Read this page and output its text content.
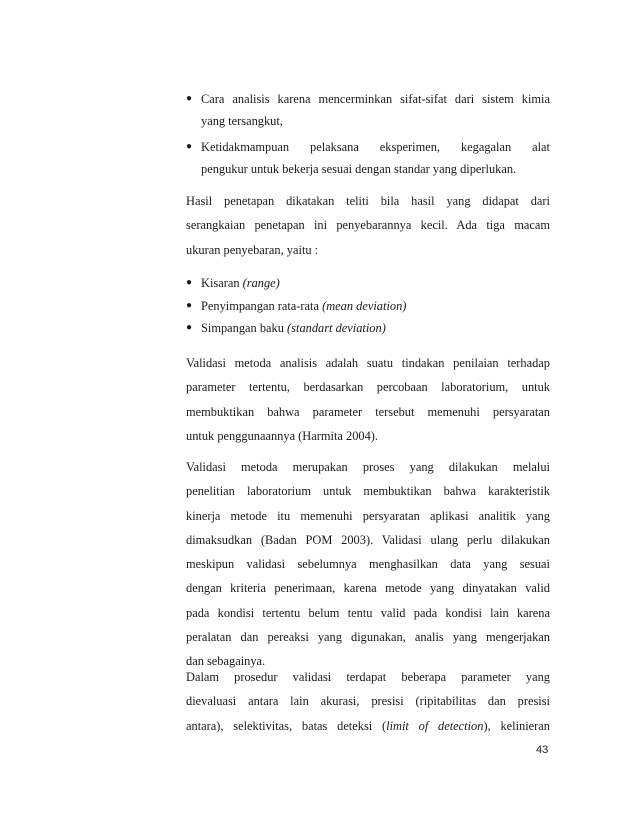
● Cara analisis karena mencerminkan sifat-sifat dari sistem kimia
yang tersangkut,
● Ketidakmampuan pelaksana eksperimen, kegagalan alat
pengukur untuk bekerja sesuai dengan standar yang diperlukan.
Hasil penetapan dikatakan teliti bila hasil yang didapat dari
serangkaian penetapan ini penyebarannya kecil. Ada tiga macam
ukuran penyebaran, yaitu :
● Kisaran (range)
● Penyimpangan rata-rata (mean deviation)
● Simpangan baku (standart deviation)
Validasi metoda analisis adalah suatu tindakan penilaian terhadap
parameter tertentu, berdasarkan percobaan laboratorium, untuk
membuktikan bahwa parameter tersebut memenuhi persyaratan
untuk penggunaannya (Harmita 2004).
Validasi metoda merupakan proses yang dilakukan melalui
penelitian laboratorium untuk membuktikan bahwa karakteristik
kinerja metode itu memenuhi persyaratan aplikasi analitik yang
dimaksudkan (Badan POM 2003). Validasi ulang perlu dilakukan
meskipun validasi sebelumnya menghasilkan data yang sesuai
dengan kriteria penerimaan, karena metode yang dinyatakan valid
pada kondisi tertentu belum tentu valid pada kondisi lain karena
peralatan dan pereaksi yang digunakan, analis yang mengerjakan
dan sebagainya.
Dalam prosedur validasi terdapat beberapa parameter yang
dievaluasi antara lain akurasi, presisi (ripitabilitas dan presisi
antara), selektivitas, batas deteksi (limit of detection), kelinieran
43
